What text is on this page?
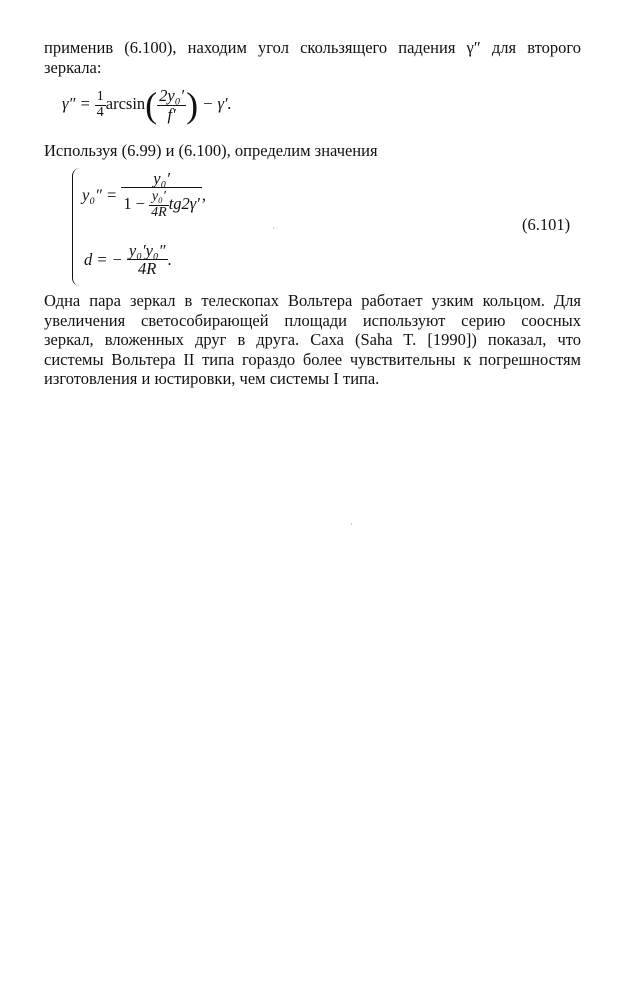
применив (6.100), находим угол скользящего падения γ″ для второго
зеркала:
$\gamma'' = \frac{1}{4} \arcsin( \frac{\text{2y₀′}}{f'}$ ) − γ′.
Используя (6.99) и (6.100), определим значения
$y_0'' = \frac{\text{y₀′}}{1 - \frac{\text{y₀′}}{4R} tg2\gamma'}$ ,
d = − $\frac{\text{y₀′y₀″}}{4R}$ .
(6.101)
Одна пара зеркал в телескопах Вольтера работает узким кольцом. Для
увеличения светособирающей площади используют серию соосных
зеркал, вложенных друг в друга. Саха (Saha T. [1990]) показал, что
системы Вольтера II типа гораздо более чувствительны к погрешностям
изготовления и юстировки, чем системы I типа.
·
·
